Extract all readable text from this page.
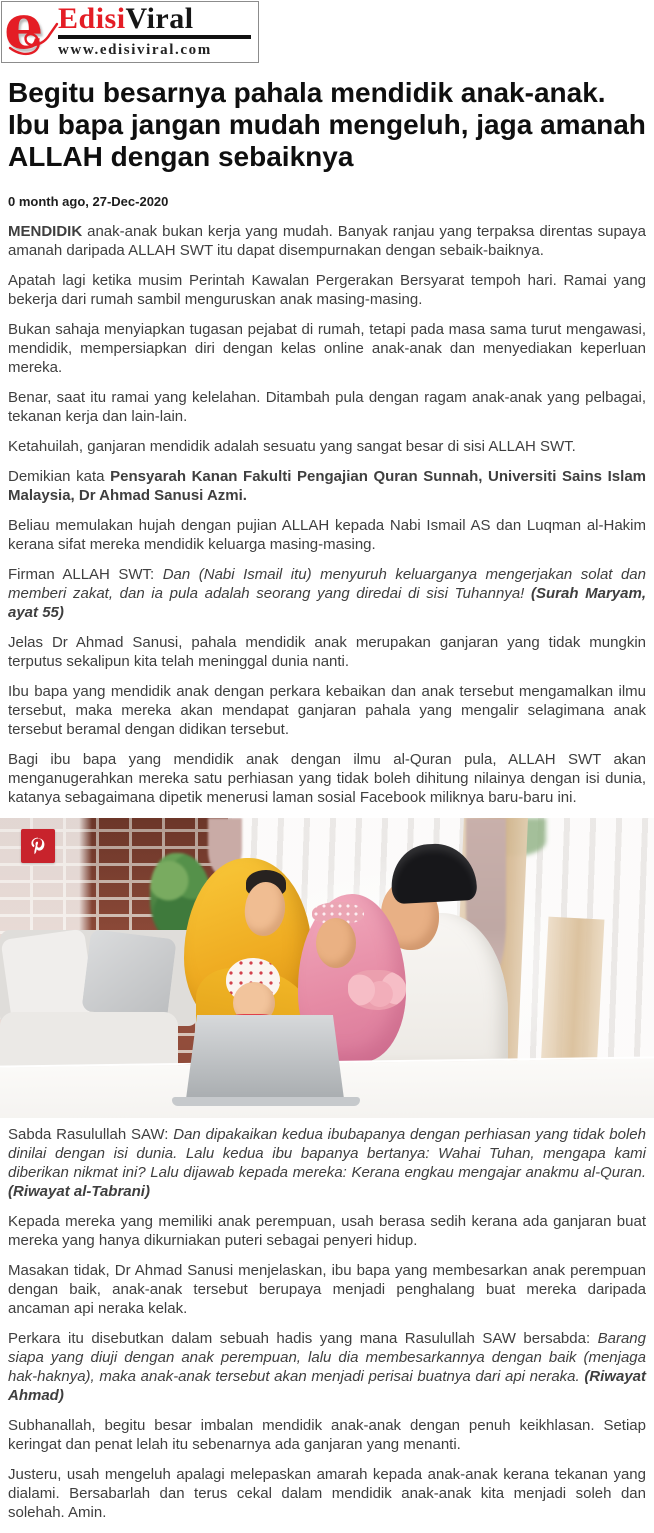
e EdisiViral
www.edisiviral.com
Begitu besarnya pahala mendidik anak-anak. Ibu bapa jangan mudah mengeluh, jaga amanah ALLAH dengan sebaiknya
0 month ago, 27-Dec-2020

MENDIDIK anak-anak bukan kerja yang mudah. Banyak ranjau yang terpaksa direntas supaya amanah daripada ALLAH SWT itu dapat disempurnakan dengan sebaik-baiknya.

Apatah lagi ketika musim Perintah Kawalan Pergerakan Bersyarat tempoh hari. Ramai yang bekerja dari rumah sambil menguruskan anak masing-masing.

Bukan sahaja menyiapkan tugasan pejabat di rumah, tetapi pada masa sama turut mengawasi, mendidik, mempersiapkan diri dengan kelas online anak-anak dan menyediakan keperluan mereka.

Benar, saat itu ramai yang kelelahan. Ditambah pula dengan ragam anak-anak yang pelbagai, tekanan kerja dan lain-lain.

Ketahuilah, ganjaran mendidik adalah sesuatu yang sangat besar di sisi ALLAH SWT.

Demikian kata Pensyarah Kanan Fakulti Pengajian Quran Sunnah, Universiti Sains Islam Malaysia, Dr Ahmad Sanusi Azmi.

Beliau memulakan hujah dengan pujian ALLAH kepada Nabi Ismail AS dan Luqman al-Hakim kerana sifat mereka mendidik keluarga masing-masing.

Firman ALLAH SWT: Dan (Nabi Ismail itu) menyuruh keluarganya mengerjakan solat dan memberi zakat, dan ia pula adalah seorang yang diredai di sisi Tuhannya! (Surah Maryam, ayat 55)

Jelas Dr Ahmad Sanusi, pahala mendidik anak merupakan ganjaran yang tidak mungkin terputus sekalipun kita telah meninggal dunia nanti.

Ibu bapa yang mendidik anak dengan perkara kebaikan dan anak tersebut mengamalkan ilmu tersebut, maka mereka akan mendapat ganjaran pahala yang mengalir selagimana anak tersebut beramal dengan didikan tersebut.

Bagi ibu bapa yang mendidik anak dengan ilmu al-Quran pula, ALLAH SWT akan menganugerahkan mereka satu perhiasan yang tidak boleh dihitung nilainya dengan isi dunia, katanya sebagaimana dipetik menerusi laman sosial Facebook miliknya baru-baru ini.

Sabda Rasulullah SAW: Dan dipakaikan kedua ibubapanya dengan perhiasan yang tidak boleh dinilai dengan isi dunia. Lalu kedua ibu bapanya bertanya: Wahai Tuhan, mengapa kami diberikan nikmat ini? Lalu dijawab kepada mereka: Kerana engkau mengajar anakmu al-Quran. (Riwayat al-Tabrani)

Kepada mereka yang memiliki anak perempuan, usah berasa sedih kerana ada ganjaran buat mereka yang hanya dikurniakan puteri sebagai penyeri hidup.

Masakan tidak, Dr Ahmad Sanusi menjelaskan, ibu bapa yang membesarkan anak perempuan dengan baik, anak-anak tersebut berupaya menjadi penghalang buat mereka daripada ancaman api neraka kelak.

Perkara itu disebutkan dalam sebuah hadis yang mana Rasulullah SAW bersabda: Barang siapa yang diuji dengan anak perempuan, lalu dia membesarkannya dengan baik (menjaga hak-haknya), maka anak-anak tersebut akan menjadi perisai buatnya dari api neraka. (Riwayat Ahmad)

Subhanallah, begitu besar imbalan mendidik anak-anak dengan penuh keikhlasan. Setiap keringat dan penat lelah itu sebenarnya ada ganjaran yang menanti.

Justeru, usah mengeluh apalagi melepaskan amarah kepada anak-anak kerana tekanan yang dialami. Bersabarlah dan terus cekal dalam mendidik anak-anak kita menjadi soleh dan solehah. Amin.
